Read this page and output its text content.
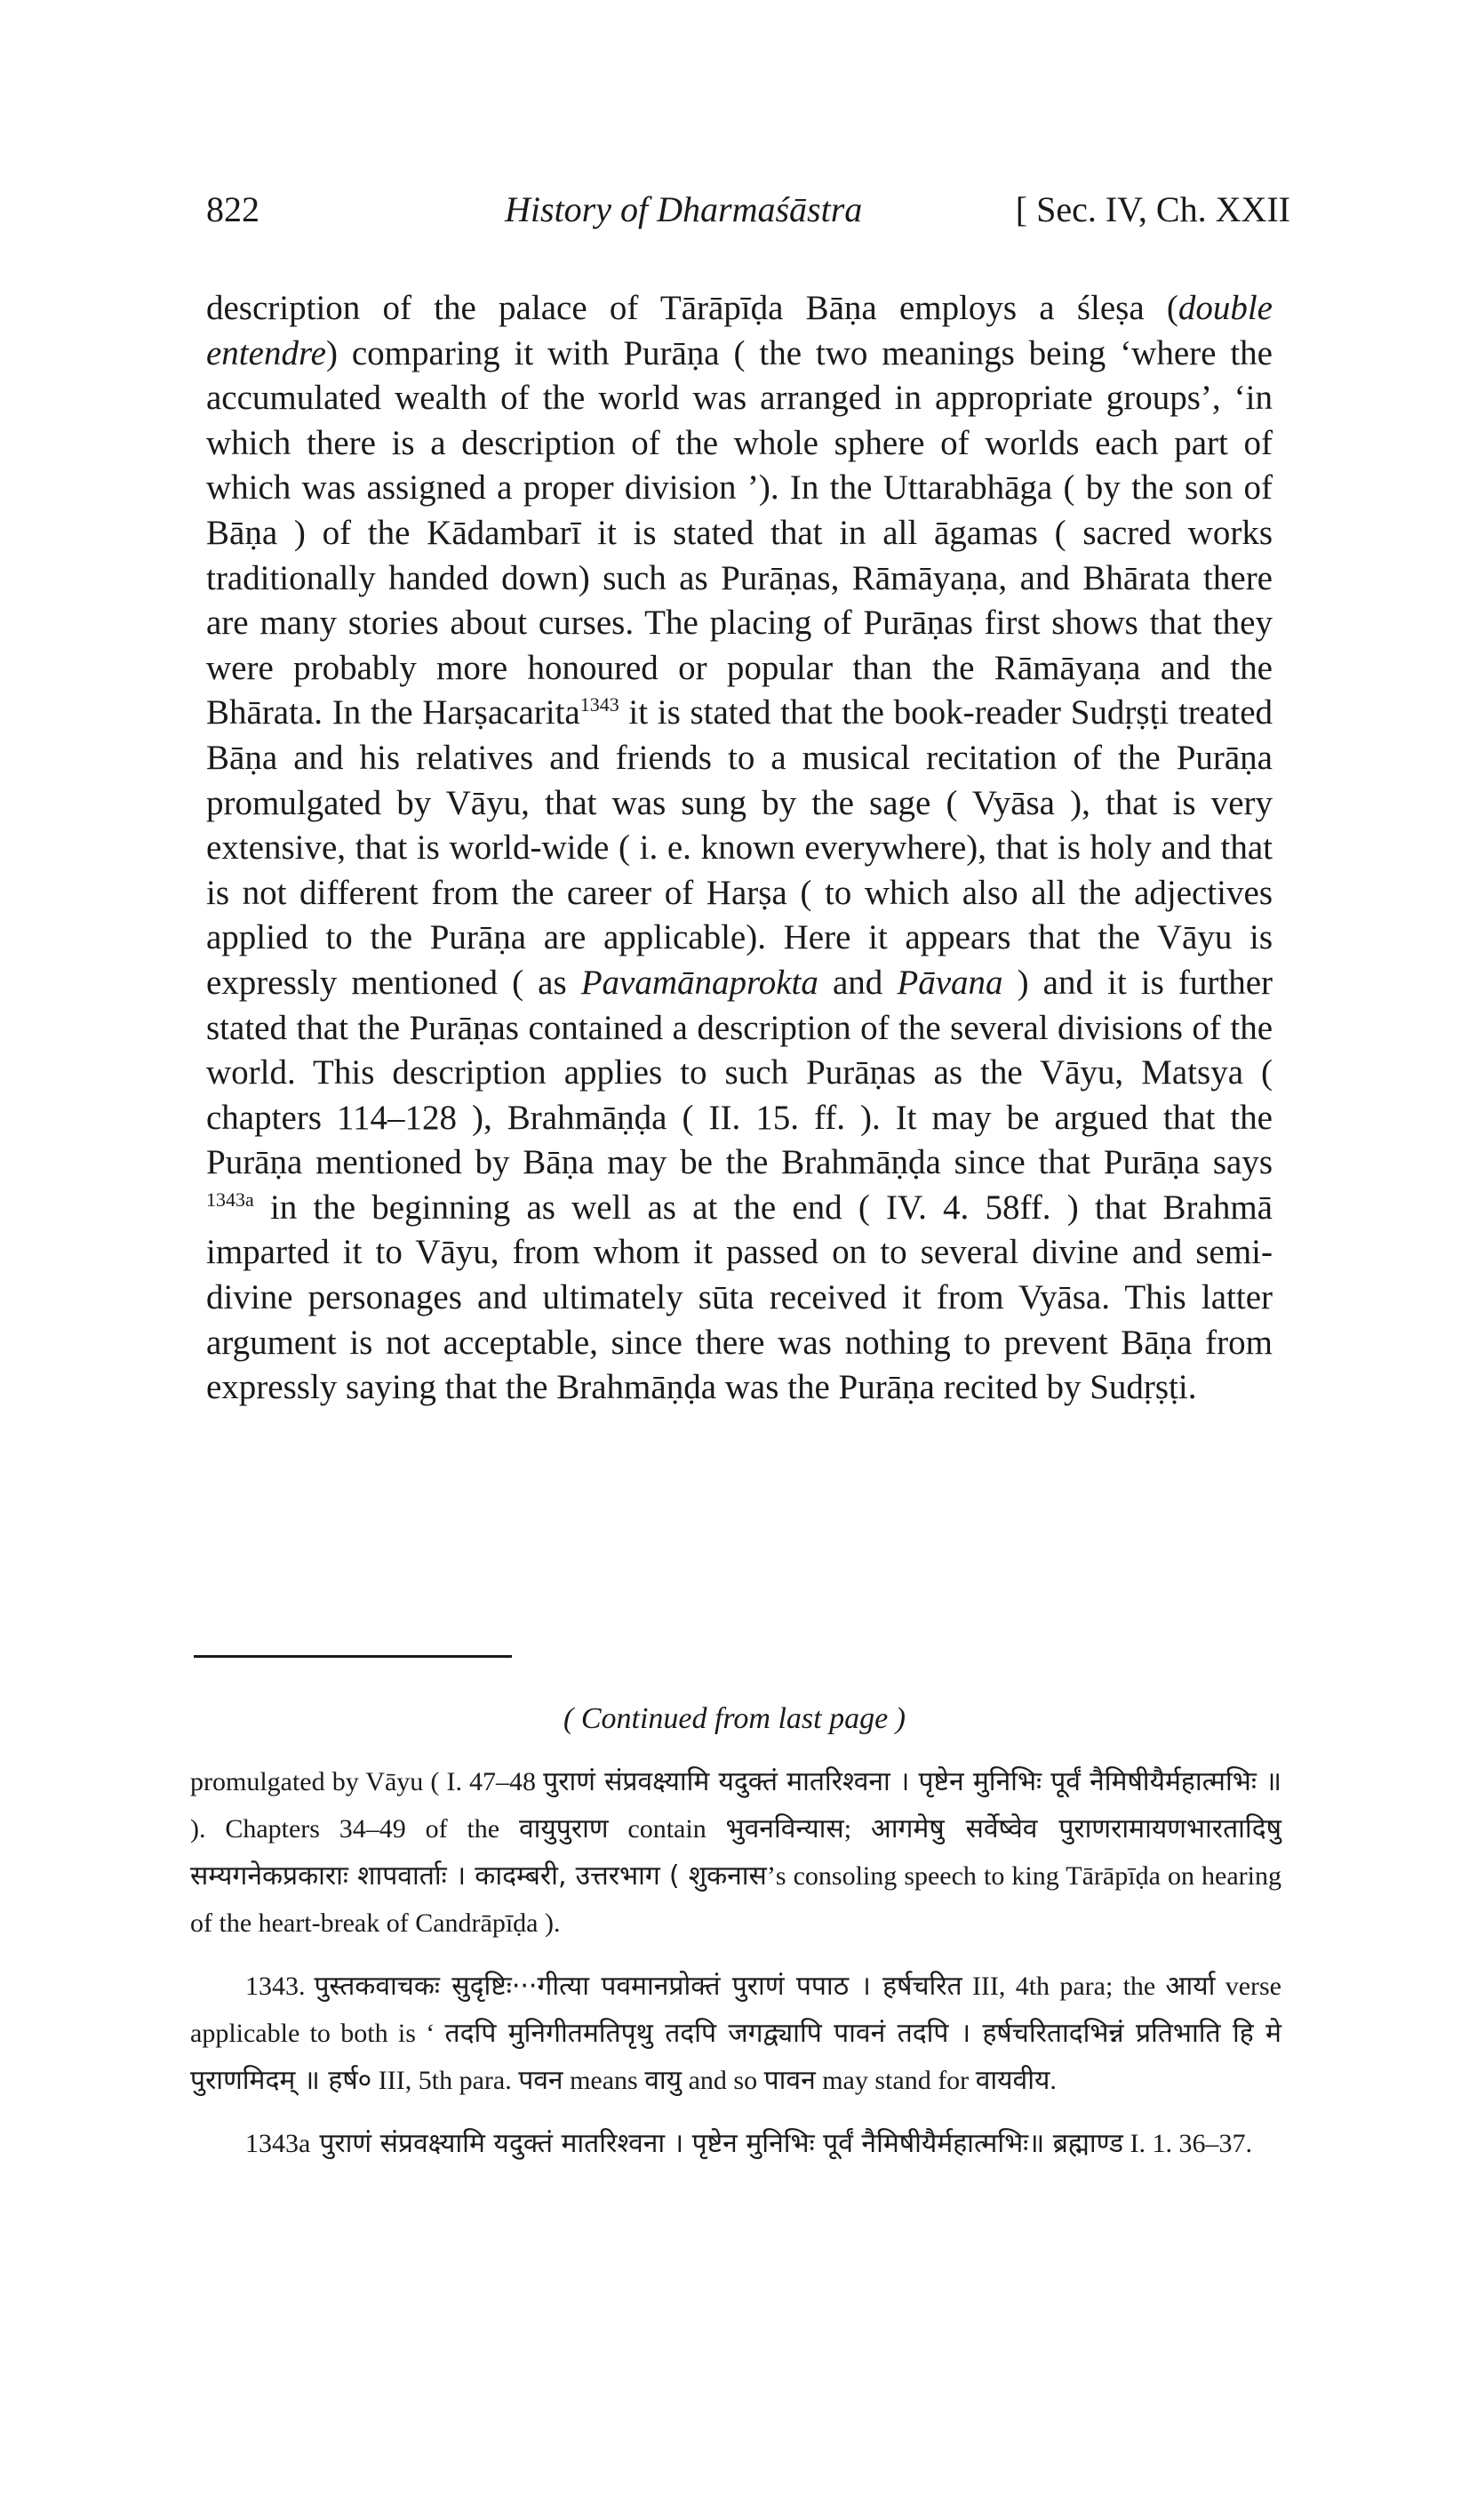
822	History of Dharmaśāstra	[ Sec. IV, Ch. XXII

description of the palace of Tārāpīḍa Bāṇa employs a śleṣa (double entendre) comparing it with Purāṇa ( the two meanings being ‘where the accumulated wealth of the world was arranged in appropriate groups’, ‘in which there is a description of the whole sphere of worlds each part of which was assigned a proper division ’). In the Uttarabhāga ( by the son of Bāṇa ) of the Kādambarī it is stated that in all āgamas ( sacred works traditionally handed down) such as Purāṇas, Rāmāyaṇa, and Bhārata there are many stories about curses. The placing of Purāṇas first shows that they were probably more honoured or popular than the Rāmāyaṇa and the Bhārata. In the Harṣacarita$^{1343}$ it is stated that the book-reader Sudṛṣṭi treated Bāṇa and his relatives and friends to a musical recitation of the Purāṇa promulgated by Vāyu, that was sung by the sage ( Vyāsa ), that is very extensive, that is world-wide ( i. e. known everywhere), that is holy and that is not different from the career of Harṣa ( to which also all the adjectives applied to the Purāṇa are applicable). Here it appears that the Vāyu is expressly mentioned ( as Pavamānaprokta and Pāvana ) and it is further stated that the Purāṇas contained a description of the several divisions of the world. This description applies to such Purāṇas as the Vāyu, Matsya ( chapters 114–128 ), Brahmāṇḍa ( II. 15. ff. ). It may be argued that the Purāṇa mentioned by Bāṇa may be the Brahmāṇḍa since that Purāṇa says $^{1343a}$ in the beginning as well as at the end ( IV. 4. 58ff. ) that Brahmā imparted it to Vāyu, from whom it passed on to several divine and semi-divine personages and ultimately sūta received it from Vyāsa. This latter argument is not acceptable, since there was nothing to prevent Bāṇa from expressly saying that the Brahmāṇḍa was the Purāṇa recited by Sudṛṣṭi.

( Continued from last page )

promulgated by Vāyu ( I. 47–48 पुराणं संप्रवक्ष्यामि यदुक्तं मातरिश्वना । पृष्टेन मुनिभिः पूर्वं नैमिषीयैर्महात्मभिः ॥ ). Chapters 34–49 of the वायुपुराण contain भुवनविन्यास; आगमेषु सर्वेष्वेव पुराणरामायणभारतादिषु सम्यगनेकप्रकाराः शापवार्ताः । कादम्बरी, उत्तरभाग ( शुकनास’s consoling speech to king Tārāpīḍa on hearing of the heart-break of Candrāpīḍa ).

1343. पुस्तकवाचकः सुदृष्टिः···गीत्या पवमानप्रोक्तं पुराणं पपाठ । हर्षचरित III, 4th para; the आर्या verse applicable to both is ‘ तदपि मुनिगीतमतिपृथु तदपि जगद्व्यापि पावनं तदपि । हर्षचरितादभिन्नं प्रतिभाति हि मे पुराणमिदम् ॥ हर्ष० III, 5th para. पवन means वायु and so पावन may stand for वायवीय.

1343a पुराणं संप्रवक्ष्यामि यदुक्तं मातरिश्वना । पृष्टेन मुनिभिः पूर्वं नैमिषीयैर्महात्मभिः॥ ब्रह्माण्ड I. 1. 36–37.
